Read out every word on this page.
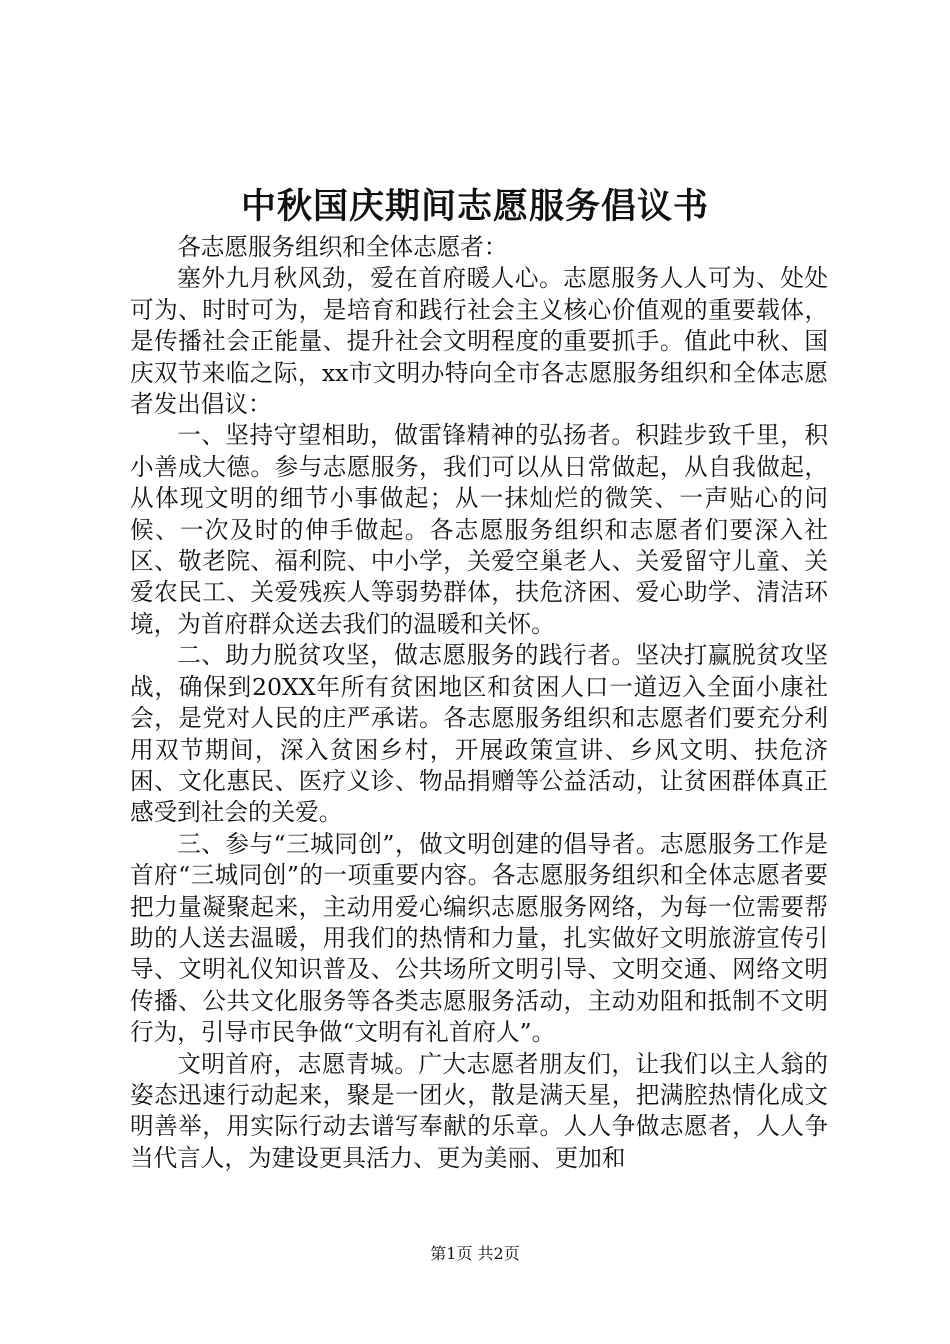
中秋国庆期间志愿服务倡议书

各志愿服务组织和全体志愿者：

塞外九月秋风劲，爱在首府暖人心。志愿服务人人可为、处处可为、时时可为，是培育和践行社会主义核心价值观的重要载体，是传播社会正能量、提升社会文明程度的重要抓手。值此中秋、国庆双节来临之际，xx市文明办特向全市各志愿服务组织和全体志愿者发出倡议：

一、坚持守望相助，做雷锋精神的弘扬者。积跬步致千里，积小善成大德。参与志愿服务，我们可以从日常做起，从自我做起，从体现文明的细节小事做起；从一抹灿烂的微笑、一声贴心的问候、一次及时的伸手做起。各志愿服务组织和志愿者们要深入社区、敬老院、福利院、中小学，关爱空巢老人、关爱留守儿童、关爱农民工、关爱残疾人等弱势群体，扶危济困、爱心助学、清洁环境，为首府群众送去我们的温暖和关怀。

二、助力脱贫攻坚，做志愿服务的践行者。坚决打赢脱贫攻坚战，确保到20XX年所有贫困地区和贫困人口一道迈入全面小康社会，是党对人民的庄严承诺。各志愿服务组织和志愿者们要充分利用双节期间，深入贫困乡村，开展政策宣讲、乡风文明、扶危济困、文化惠民、医疗义诊、物品捐赠等公益活动，让贫困群体真正感受到社会的关爱。

三、参与“三城同创”，做文明创建的倡导者。志愿服务工作是首府“三城同创”的一项重要内容。各志愿服务组织和全体志愿者要把力量凝聚起来，主动用爱心编织志愿服务网络，为每一位需要帮助的人送去温暖，用我们的热情和力量，扎实做好文明旅游宣传引导、文明礼仪知识普及、公共场所文明引导、文明交通、网络文明传播、公共文化服务等各类志愿服务活动，主动劝阻和抵制不文明行为，引导市民争做“文明有礼首府人”。

文明首府，志愿青城。广大志愿者朋友们，让我们以主人翁的姿态迅速行动起来，聚是一团火，散是满天星，把满腔热情化成文明善举，用实际行动去谱写奉献的乐章。人人争做志愿者，人人争当代言人，为建设更具活力、更为美丽、更加和

第1页 共2页
